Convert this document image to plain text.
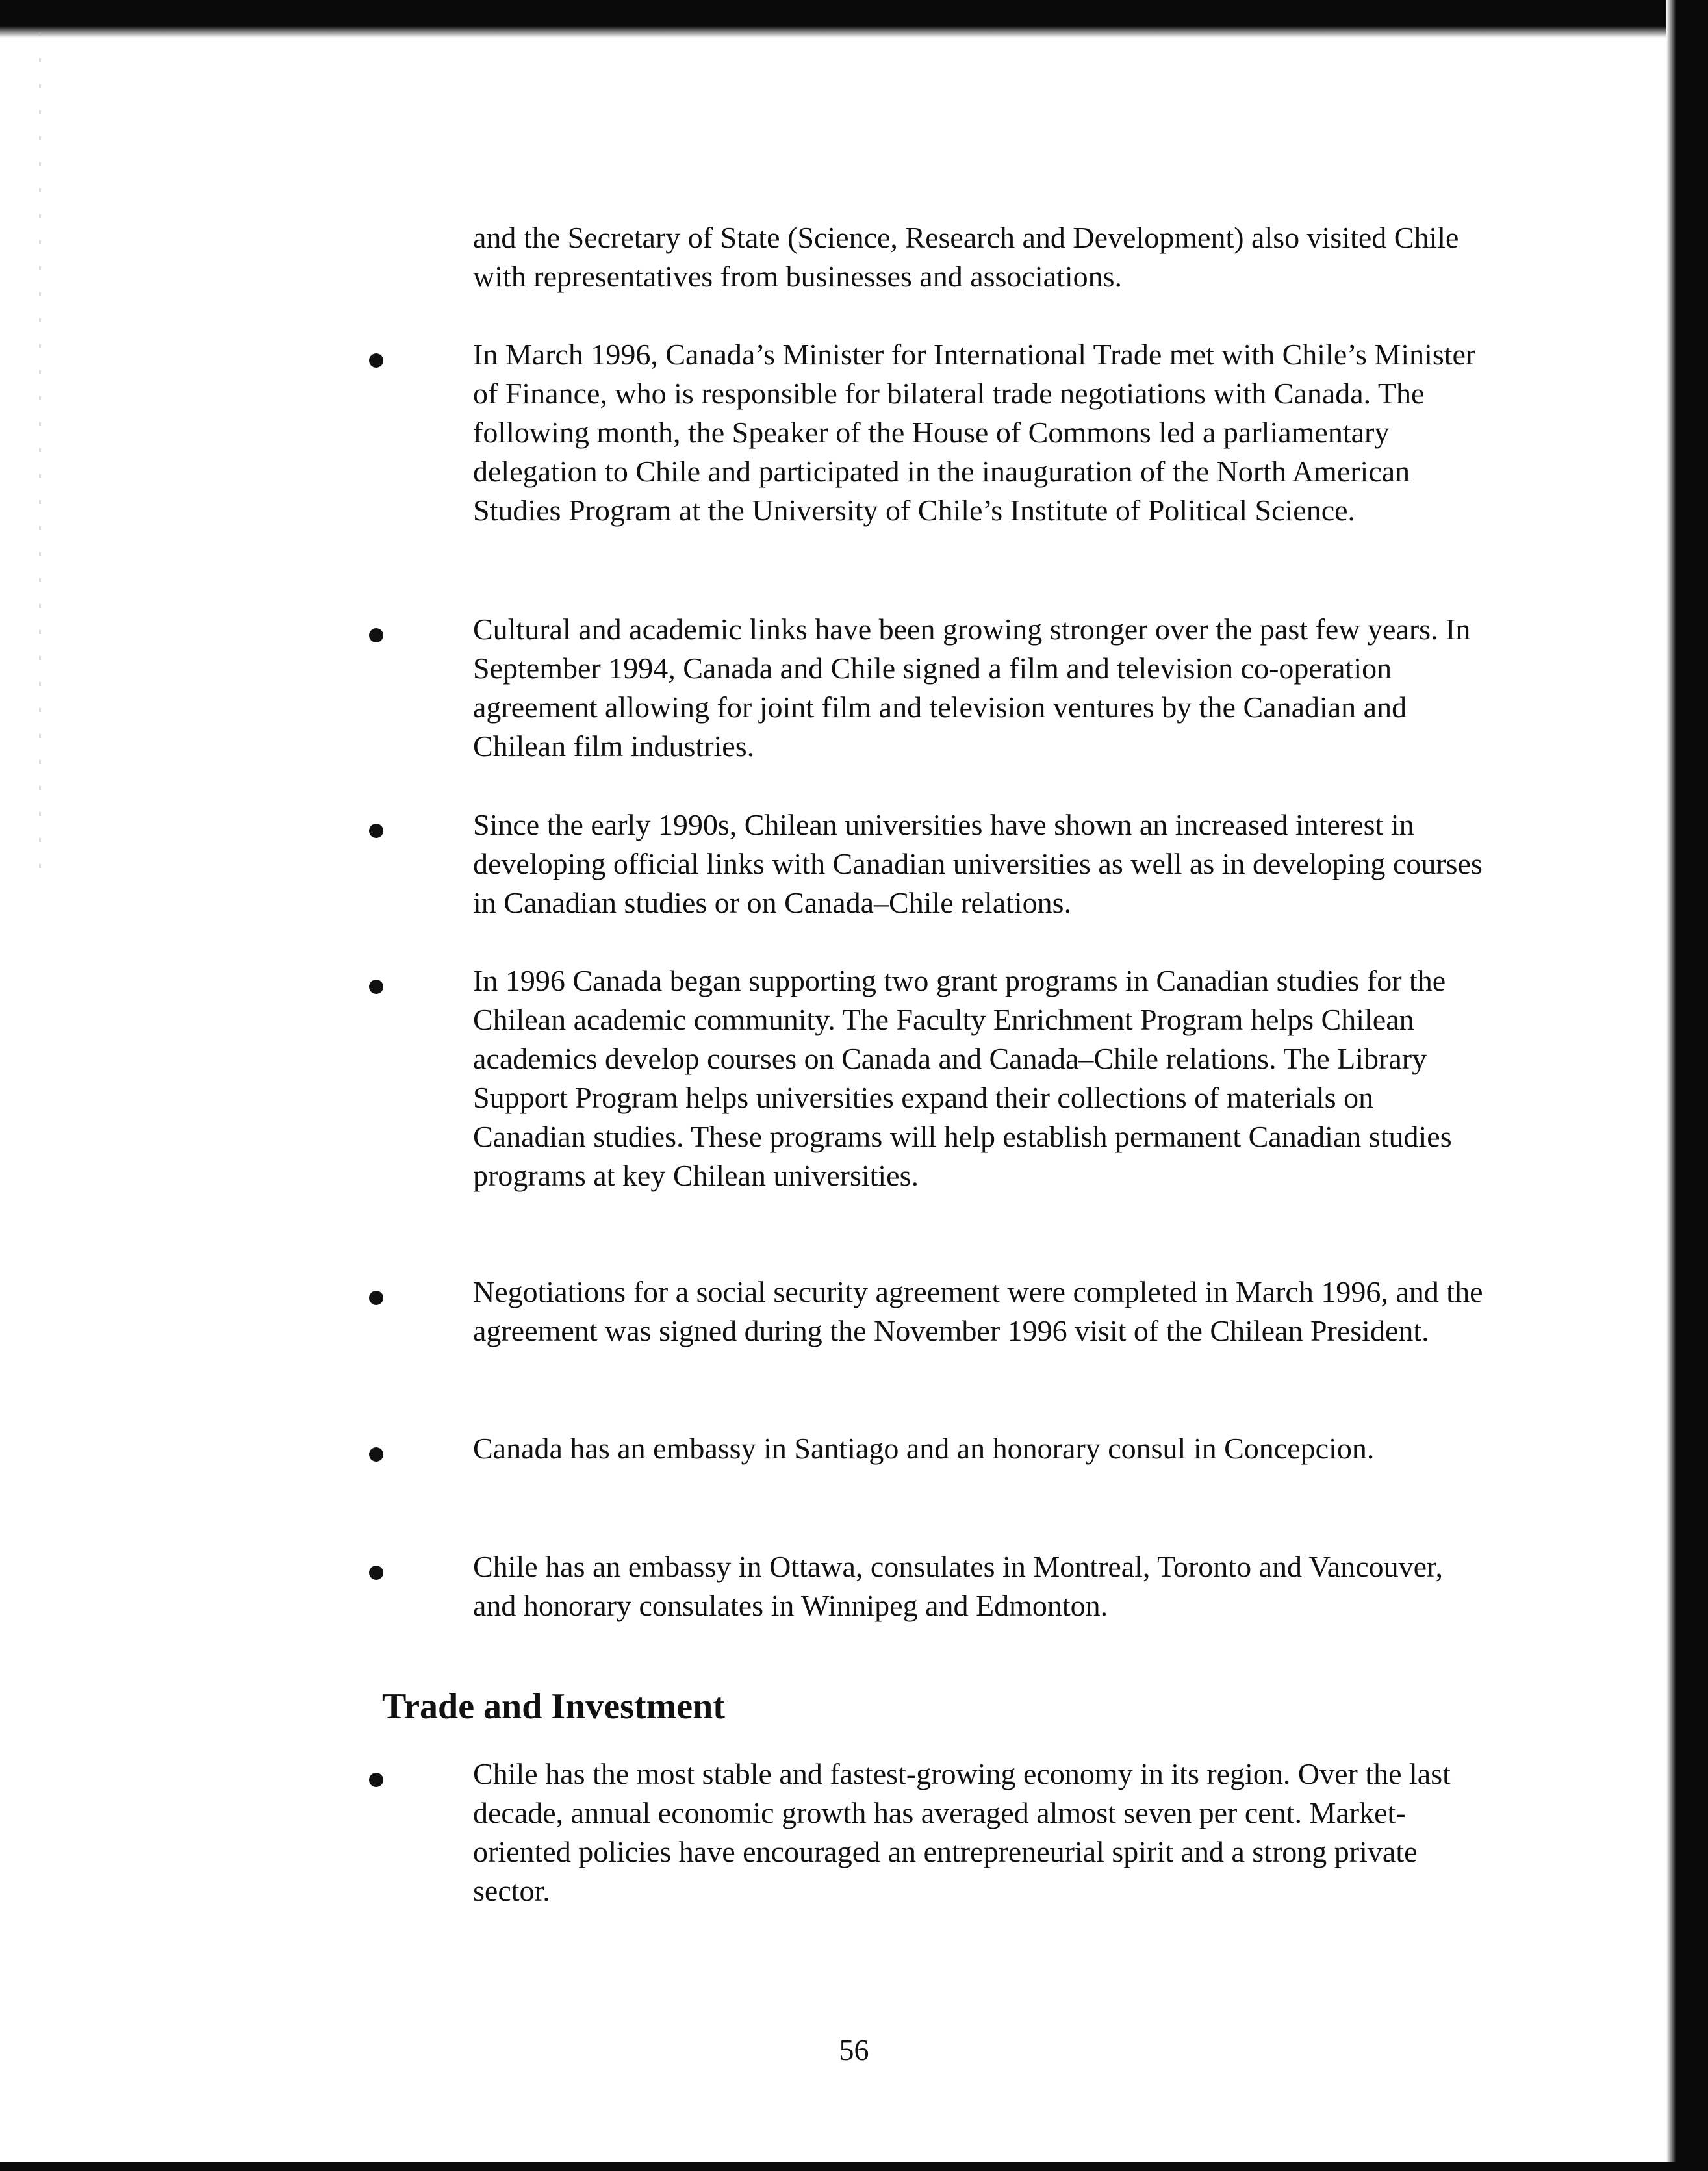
and the Secretary of State (Science, Research and Development) also visited Chile with representatives from businesses and associations.

In March 1996, Canada’s Minister for International Trade met with Chile’s Minister of Finance, who is responsible for bilateral trade negotiations with Canada. The following month, the Speaker of the House of Commons led a parliamentary delegation to Chile and participated in the inauguration of the North American Studies Program at the University of Chile’s Institute of Political Science.

Cultural and academic links have been growing stronger over the past few years. In September 1994, Canada and Chile signed a film and television co-operation agreement allowing for joint film and television ventures by the Canadian and Chilean film industries.

Since the early 1990s, Chilean universities have shown an increased interest in developing official links with Canadian universities as well as in developing courses in Canadian studies or on Canada–Chile relations.

In 1996 Canada began supporting two grant programs in Canadian studies for the Chilean academic community. The Faculty Enrichment Program helps Chilean academics develop courses on Canada and Canada–Chile relations. The Library Support Program helps universities expand their collections of materials on Canadian studies. These programs will help establish permanent Canadian studies programs at key Chilean universities.

Negotiations for a social security agreement were completed in March 1996, and the agreement was signed during the November 1996 visit of the Chilean President.

Canada has an embassy in Santiago and an honorary consul in Concepcion.

Chile has an embassy in Ottawa, consulates in Montreal, Toronto and Vancouver, and honorary consulates in Winnipeg and Edmonton.

Trade and Investment

Chile has the most stable and fastest-growing economy in its region. Over the last decade, annual economic growth has averaged almost seven per cent. Market-oriented policies have encouraged an entrepreneurial spirit and a strong private sector.

56
